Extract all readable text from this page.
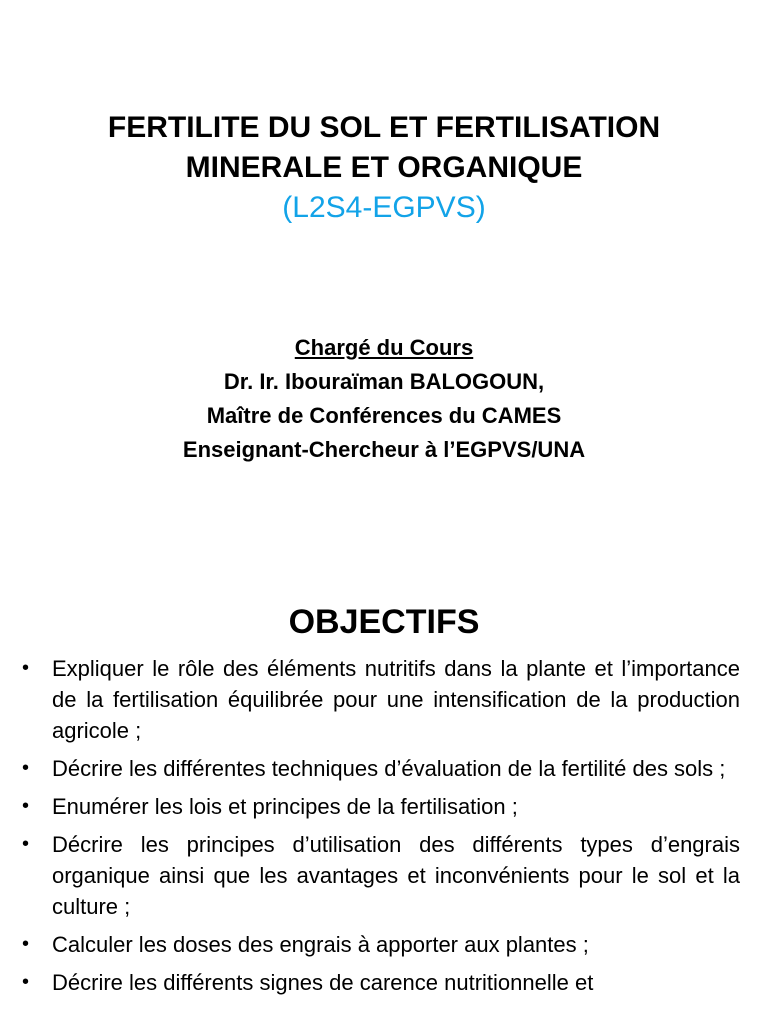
FERTILITE DU SOL ET FERTILISATION
MINERALE ET ORGANIQUE
(L2S4-EGPVS)
Chargé du Cours
Dr. Ir. Ibouraïman BALOGOUN,
Maître de Conférences du CAMES
Enseignant-Chercheur à l’EGPVS/UNA
OBJECTIFS
• Expliquer le rôle des éléments nutritifs dans la plante et l’importance de la fertilisation équilibrée pour une intensification de la production agricole ;
• Décrire les différentes techniques d’évaluation de la fertilité des sols ;
• Enumérer les lois et principes de la fertilisation ;
• Décrire les principes d’utilisation des différents types d’engrais organique ainsi que les avantages et inconvénients pour le sol et la culture ;
• Calculer les doses des engrais à apporter aux plantes ;
• Décrire les différents signes de carence nutritionnelle et
